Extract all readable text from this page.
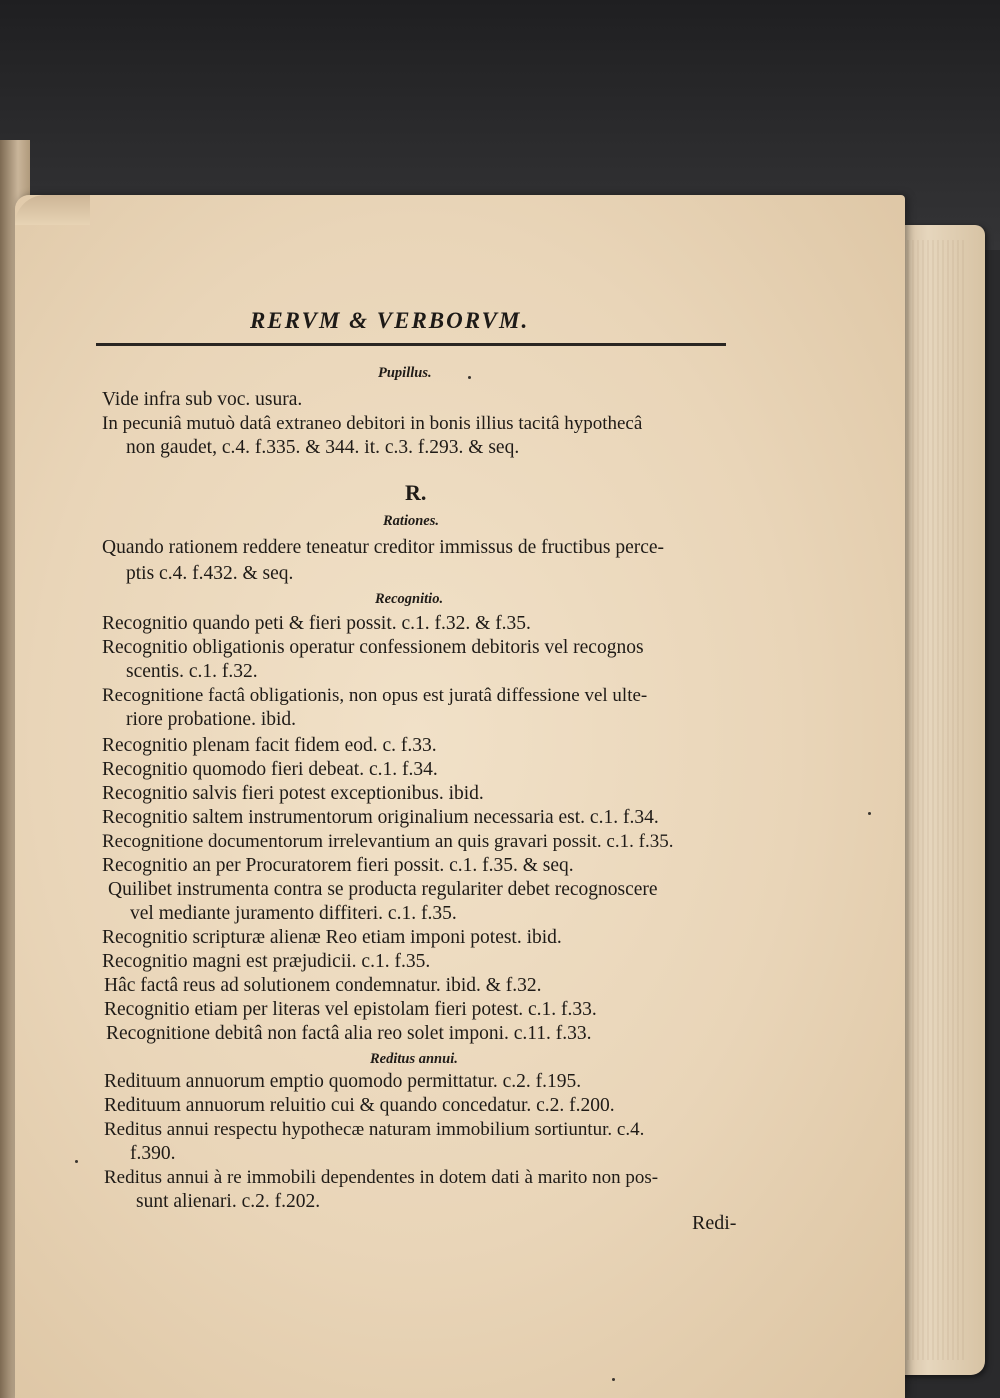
RERVM & VERBORVM.
Pupillus.
Vide infra sub voc. usura.
In pecuniâ mutuò datâ extraneo debitori in bonis illius tacitâ hypothecâ
non gaudet, c.4. f.335. & 344. it. c.3. f.293. & seq.
R.
Rationes.
Quando rationem reddere teneatur creditor immissus de fructibus perce-
ptis c.4. f.432. & seq.
Recognitio.
Recognitio quando peti & fieri possit. c.1. f.32. & f.35.
Recognitio obligationis operatur confessionem debitoris vel recognos
scentis. c.1. f.32.
Recognitione factâ obligationis, non opus est juratâ diffessione vel ulte-
riore probatione. ibid.
Recognitio plenam facit fidem eod. c. f.33.
Recognitio quomodo fieri debeat. c.1. f.34.
Recognitio salvis fieri potest exceptionibus. ibid.
Recognitio saltem instrumentorum originalium necessaria est. c.1. f.34.
Recognitione documentorum irrelevantium an quis gravari possit. c.1. f.35.
Recognitio an per Procuratorem fieri possit. c.1. f.35. & seq.
Quilibet instrumenta contra se producta regulariter debet recognoscere
vel mediante juramento diffiteri. c.1. f.35.
Recognitio scripturæ alienæ Reo etiam imponi potest. ibid.
Recognitio magni est præjudicii. c.1. f.35.
Hâc factâ reus ad solutionem condemnatur. ibid. & f.32.
Recognitio etiam per literas vel epistolam fieri potest. c.1. f.33.
Recognitione debitâ non factâ alia reo solet imponi. c.11. f.33.
Reditus annui.
Redituum annuorum emptio quomodo permittatur. c.2. f.195.
Redituum annuorum reluitio cui & quando concedatur. c.2. f.200.
Reditus annui respectu hypothecæ naturam immobilium sortiuntur. c.4.
f.390.
Reditus annui à re immobili dependentes in dotem dati à marito non pos-
sunt alienari. c.2. f.202.
Redi-
